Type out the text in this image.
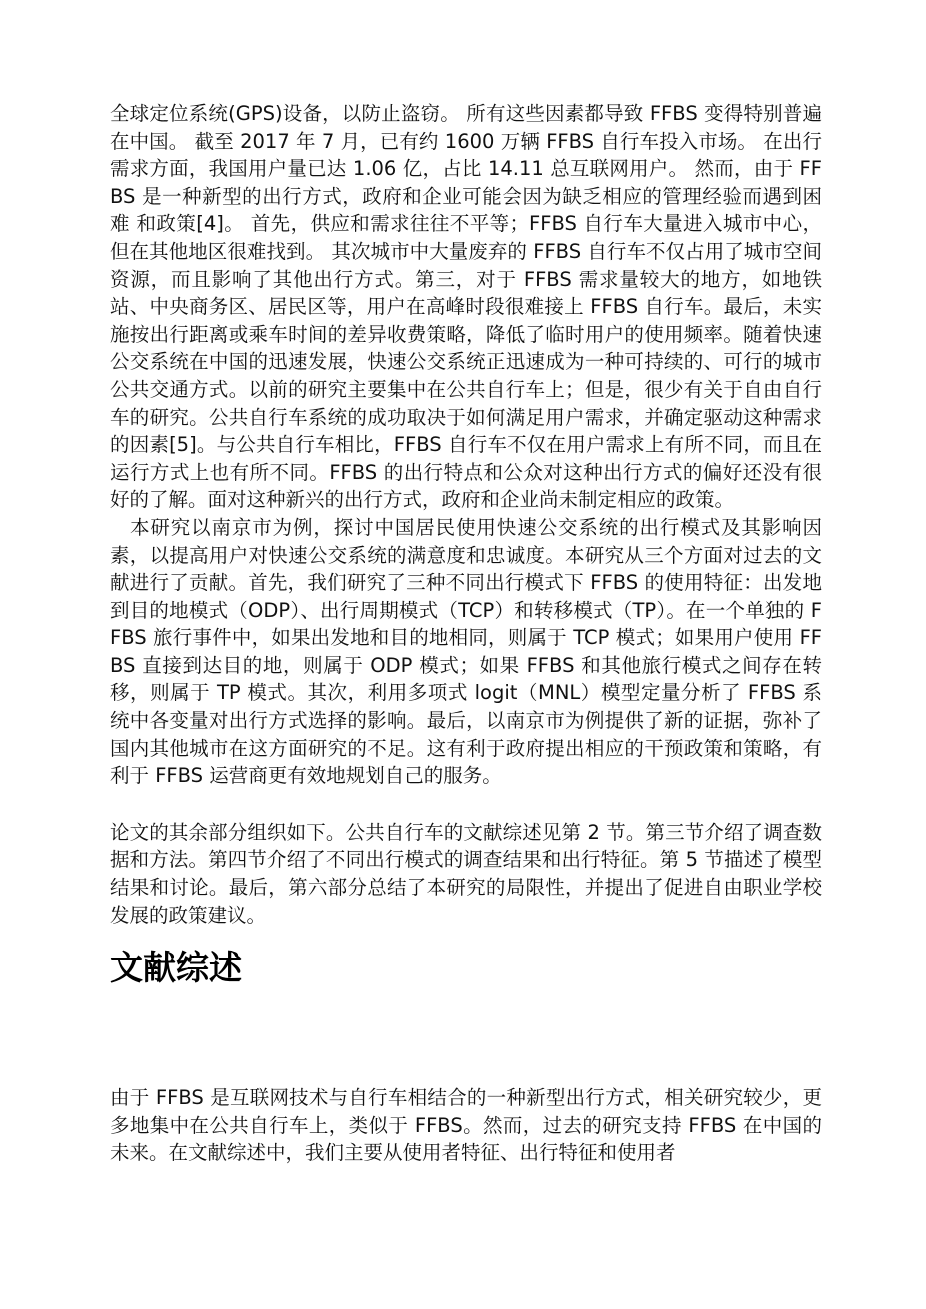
全球定位系统(GPS)设备，以防止盗窃。 所有这些因素都导致 FFBS 变得特别普遍 在中国。 截至 2017 年 7 月，已有约 1600 万辆 FFBS 自行车投入市场。 在出行需求方面，我国用户量已达 1.06 亿，占比 14.11 总互联网用户。 然而，由于 FFBS 是一种新型的出行方式，政府和企业可能会因为缺乏相应的管理经验而遇到困难 和政策[4]。 首先，供应和需求往往不平等；FFBS 自行车大量进入城市中心，但在其他地区很难找到。 其次城市中大量废弃的 FFBS 自行车不仅占用了城市空间资源，而且影响了其他出行方式。第三，对于 FFBS 需求量较大的地方，如地铁站、中央商务区、居民区等，用户在高峰时段很难接上 FFBS 自行车。最后，未实施按出行距离或乘车时间的差异收费策略，降低了临时用户的使用频率。随着快速公交系统在中国的迅速发展，快速公交系统正迅速成为一种可持续的、可行的城市公共交通方式。以前的研究主要集中在公共自行车上；但是，很少有关于自由自行车的研究。公共自行车系统的成功取决于如何满足用户需求，并确定驱动这种需求的因素[5]。与公共自行车相比，FFBS 自行车不仅在用户需求上有所不同，而且在运行方式上也有所不同。FFBS 的出行特点和公众对这种出行方式的偏好还没有很好的了解。面对这种新兴的出行方式，政府和企业尚未制定相应的政策。

本研究以南京市为例，探讨中国居民使用快速公交系统的出行模式及其影响因素，以提高用户对快速公交系统的满意度和忠诚度。本研究从三个方面对过去的文献进行了贡献。首先，我们研究了三种不同出行模式下 FFBS 的使用特征：出发地到目的地模式（ODP）、出行周期模式（TCP）和转移模式（TP）。在一个单独的 FFBS 旅行事件中，如果出发地和目的地相同，则属于 TCP 模式；如果用户使用 FFBS 直接到达目的地，则属于 ODP 模式；如果 FFBS 和其他旅行模式之间存在转移，则属于 TP 模式。其次，利用多项式 logit（MNL）模型定量分析了 FFBS 系统中各变量对出行方式选择的影响。最后，以南京市为例提供了新的证据，弥补了国内其他城市在这方面研究的不足。这有利于政府提出相应的干预政策和策略，有利于 FFBS 运营商更有效地规划自己的服务。

论文的其余部分组织如下。公共自行车的文献综述见第 2 节。第三节介绍了调查数据和方法。第四节介绍了不同出行模式的调查结果和出行特征。第 5 节描述了模型结果和讨论。最后，第六部分总结了本研究的局限性，并提出了促进自由职业学校发展的政策建议。

文献综述

由于 FFBS 是互联网技术与自行车相结合的一种新型出行方式，相关研究较少，更多地集中在公共自行车上，类似于 FFBS。然而，过去的研究支持 FFBS 在中国的未来。在文献综述中，我们主要从使用者特征、出行特征和使用者
